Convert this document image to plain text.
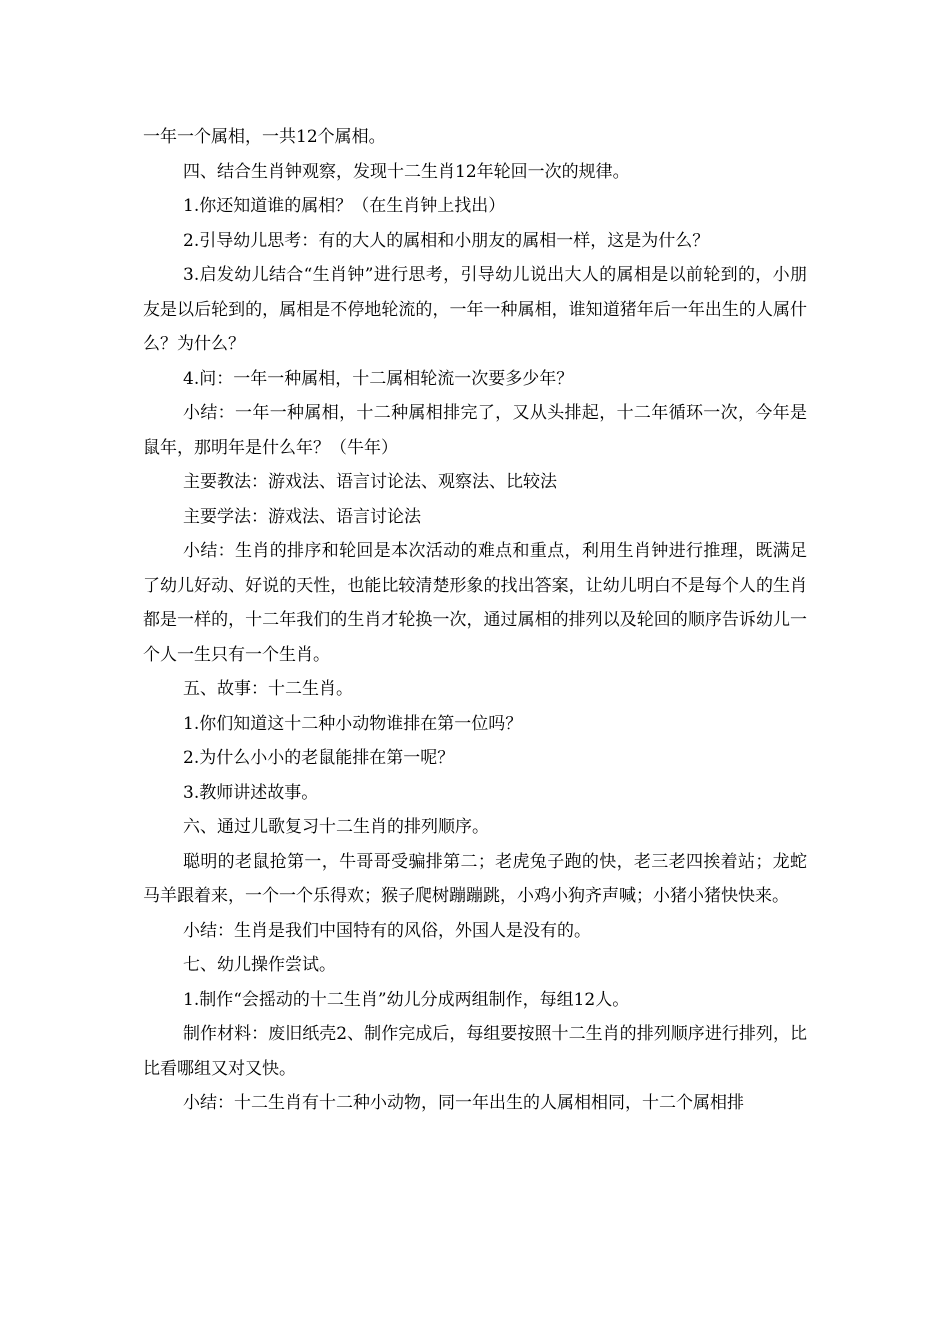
一年一个属相，一共12个属相。

四、结合生肖钟观察，发现十二生肖12年轮回一次的规律。

1.你还知道谁的属相？（在生肖钟上找出）

2.引导幼儿思考：有的大人的属相和小朋友的属相一样，这是为什么？

3.启发幼儿结合“生肖钟”进行思考，引导幼儿说出大人的属相是以前轮到的，小朋友是以后轮到的，属相是不停地轮流的，一年一种属相，谁知道猪年后一年出生的人属什么？为什么？

4.问：一年一种属相，十二属相轮流一次要多少年？

小结：一年一种属相，十二种属相排完了，又从头排起，十二年循环一次，今年是鼠年，那明年是什么年？（牛年）

主要教法：游戏法、语言讨论法、观察法、比较法

主要学法：游戏法、语言讨论法

小结：生肖的排序和轮回是本次活动的难点和重点，利用生肖钟进行推理，既满足了幼儿好动、好说的天性，也能比较清楚形象的找出答案，让幼儿明白不是每个人的生肖都是一样的，十二年我们的生肖才轮换一次，通过属相的排列以及轮回的顺序告诉幼儿一个人一生只有一个生肖。

五、故事：十二生肖。

1.你们知道这十二种小动物谁排在第一位吗？

2.为什么小小的老鼠能排在第一呢？

3.教师讲述故事。

六、通过儿歌复习十二生肖的排列顺序。

聪明的老鼠抢第一，牛哥哥受骗排第二；老虎兔子跑的快，老三老四挨着站；龙蛇马羊跟着来，一个一个乐得欢；猴子爬树蹦蹦跳，小鸡小狗齐声喊；小猪小猪快快来。

小结：生肖是我们中国特有的风俗，外国人是没有的。

七、幼儿操作尝试。

1.制作“会摇动的十二生肖”幼儿分成两组制作，每组12人。

制作材料：废旧纸壳2、制作完成后，每组要按照十二生肖的排列顺序进行排列，比比看哪组又对又快。

小结：十二生肖有十二种小动物，同一年出生的人属相相同，十二个属相排
